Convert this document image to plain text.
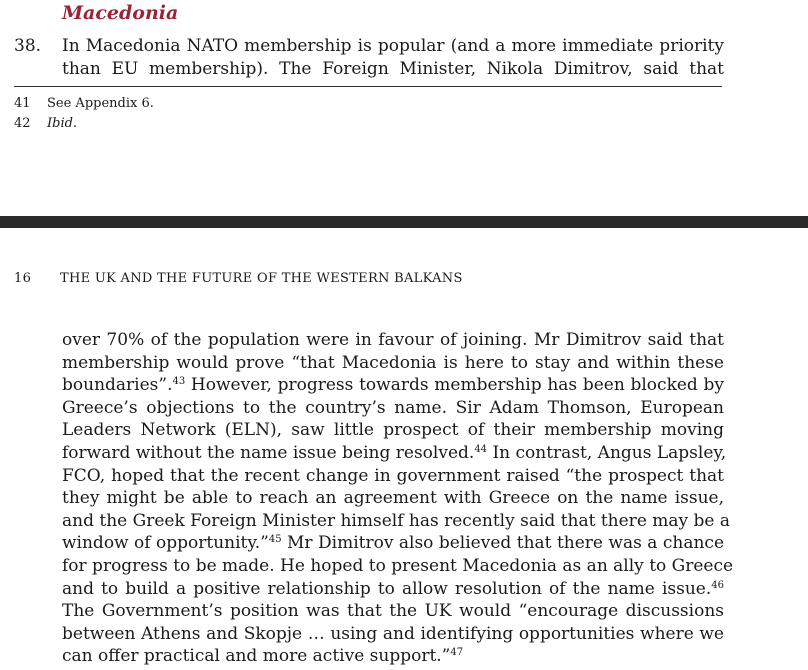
Macedonia
38. In Macedonia NATO membership is popular (and a more immediate priority
than EU membership). The Foreign Minister, Nikola Dimitrov, said that
41	See Appendix 6.
42	Ibid.
16 THE UK AND THE FUTURE OF THE WESTERN BALKANS
over 70% of the population were in favour of joining. Mr Dimitrov said that
membership would prove “that Macedonia is here to stay and within these
boundaries”.$^{43}$ However, progress towards membership has been blocked by
Greece’s objections to the country’s name. Sir Adam Thomson, European
Leaders Network (ELN), saw little prospect of their membership moving
forward without the name issue being resolved.$^{44}$ In contrast, Angus Lapsley,
FCO, hoped that the recent change in government raised “the prospect that
they might be able to reach an agreement with Greece on the name issue,
and the Greek Foreign Minister himself has recently said that there may be a
window of opportunity.”$^{45}$ Mr Dimitrov also believed that there was a chance
for progress to be made. He hoped to present Macedonia as an ally to Greece
and to build a positive relationship to allow resolution of the name issue.$^{46}$
The Government’s position was that the UK would “encourage discussions
between Athens and Skopje … using and identifying opportunities where we
can offer practical and more active support.”$^{47}$
